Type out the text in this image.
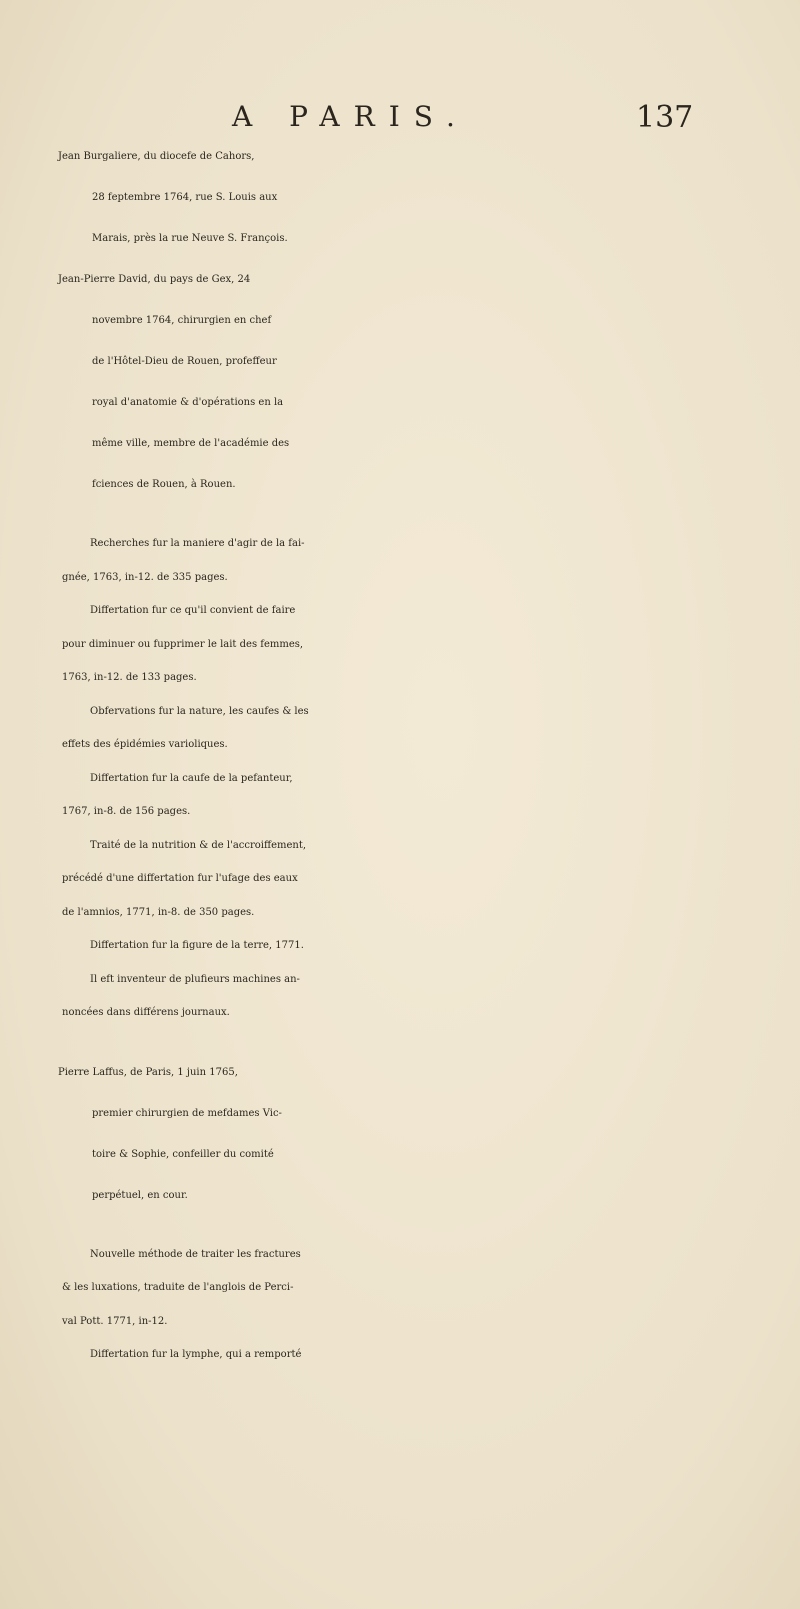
A PARIS.	137
Jean Burgaliere, du diocefe de Cahors,
28 feptembre 1764, rue S. Louis aux
Marais, près la rue Neuve S. François.
Jean-Pierre David, du pays de Gex, 24
novembre 1764, chirurgien en chef
de l'Hôtel-Dieu de Rouen, profeffeur
royal d'anatomie & d'opérations en la
même ville, membre de l'académie des
fciences de Rouen, à Rouen.
Recherches fur la maniere d'agir de la fai-
gnée, 1763, in-12. de 335 pages.
Differtation fur ce qu'il convient de faire
pour diminuer ou fupprimer le lait des femmes,
1763, in-12. de 133 pages.
Obfervations fur la nature, les caufes & les
effets des épidémies varioliques.
Differtation fur la caufe de la pefanteur,
1767, in-8. de 156 pages.
Traité de la nutrition & de l'accroiffement,
précédé d'une differtation fur l'ufage des eaux
de l'amnios, 1771, in-8. de 350 pages.
Differtation fur la figure de la terre, 1771.
Il eft inventeur de plufieurs machines an-
noncées dans différens journaux.
Pierre Laffus, de Paris, 1 juin 1765,
premier chirurgien de mefdames Vic-
toire & Sophie, confeiller du comité
perpétuel, en cour.
Nouvelle méthode de traiter les fractures
& les luxations, traduite de l'anglois de Perci-
val Pott. 1771, in-12.
Differtation fur la lymphe, qui a remporté
